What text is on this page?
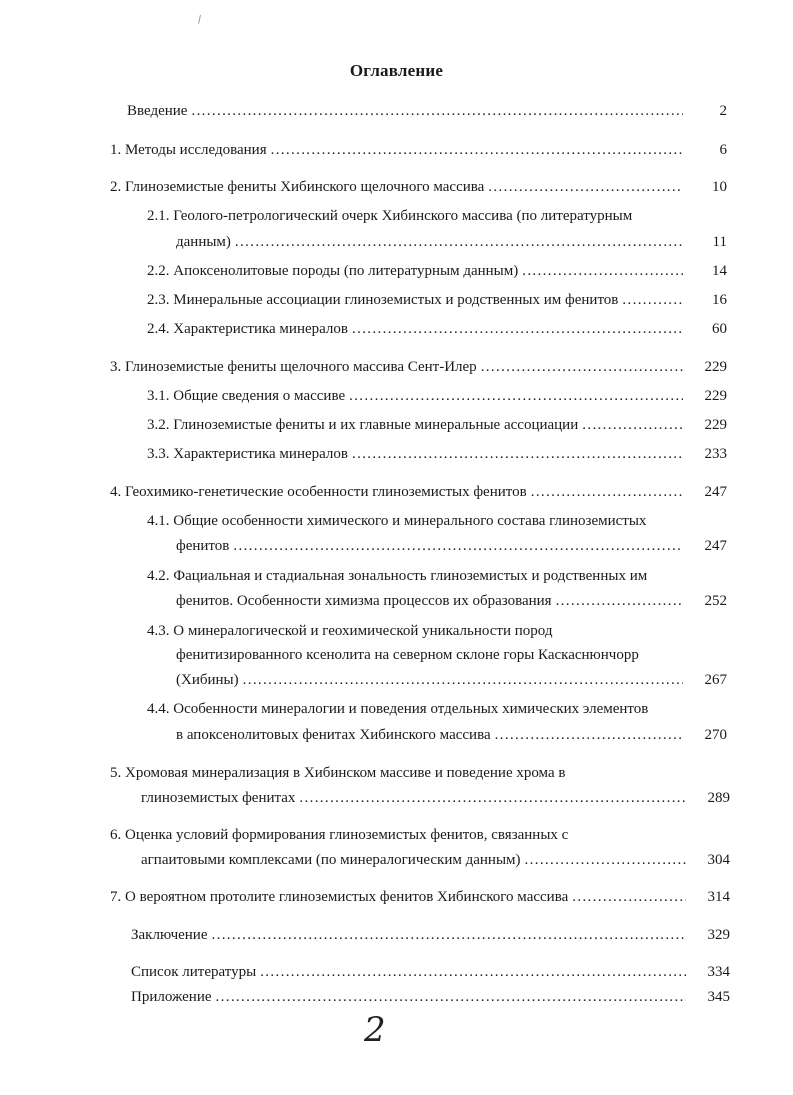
Оглавление
Введение . . .	2
1. Методы исследования . . .	6
2. Глиноземистые фениты Хибинского щелочного массива . . .	10
2.1. Геолого-петрологический очерк Хибинского массива (по литературным
данным) . . .	11
2.2. Апоксенолитовые породы (по литературным данным) . . .	14
2.3. Минеральные ассоциации глиноземистых и родственных им фенитов . . .	16
2.4. Характеристика минералов . . .	60
3. Глиноземистые фениты щелочного массива Сент-Илер . . .	229
3.1. Общие сведения о массиве . . .	229
3.2. Глиноземистые фениты и их главные минеральные ассоциации . . .	229
3.3. Характеристика минералов . . .	233
4. Геохимико-генетические особенности глиноземистых фенитов . . .	247
4.1. Общие особенности химического и минерального состава глиноземистых
фенитов . . .	247
4.2. Фациальная и стадиальная зональность глиноземистых и родственных им
фенитов. Особенности химизма процессов их образования . . .	252
4.3. О минералогической и геохимической уникальности пород
фенитизированного ксенолита на северном склоне горы Каскаснюнчорр
(Хибины) . . .	267
4.4. Особенности минералогии и поведения отдельных химических элементов
в апоксенолитовых фенитах Хибинского массива . . .	270
5. Хромовая минерализация в Хибинском массиве и поведение хрома в
глиноземистых фенитах . . .	289
6. Оценка условий формирования глиноземистых фенитов, связанных с
агпаитовыми комплексами (по минералогическим данным) . . .	304
7. О вероятном протолите глиноземистых фенитов Хибинского массива . . .	314
Заключение . . .	329
Список литературы . . .	334
Приложение . . .	345
2
